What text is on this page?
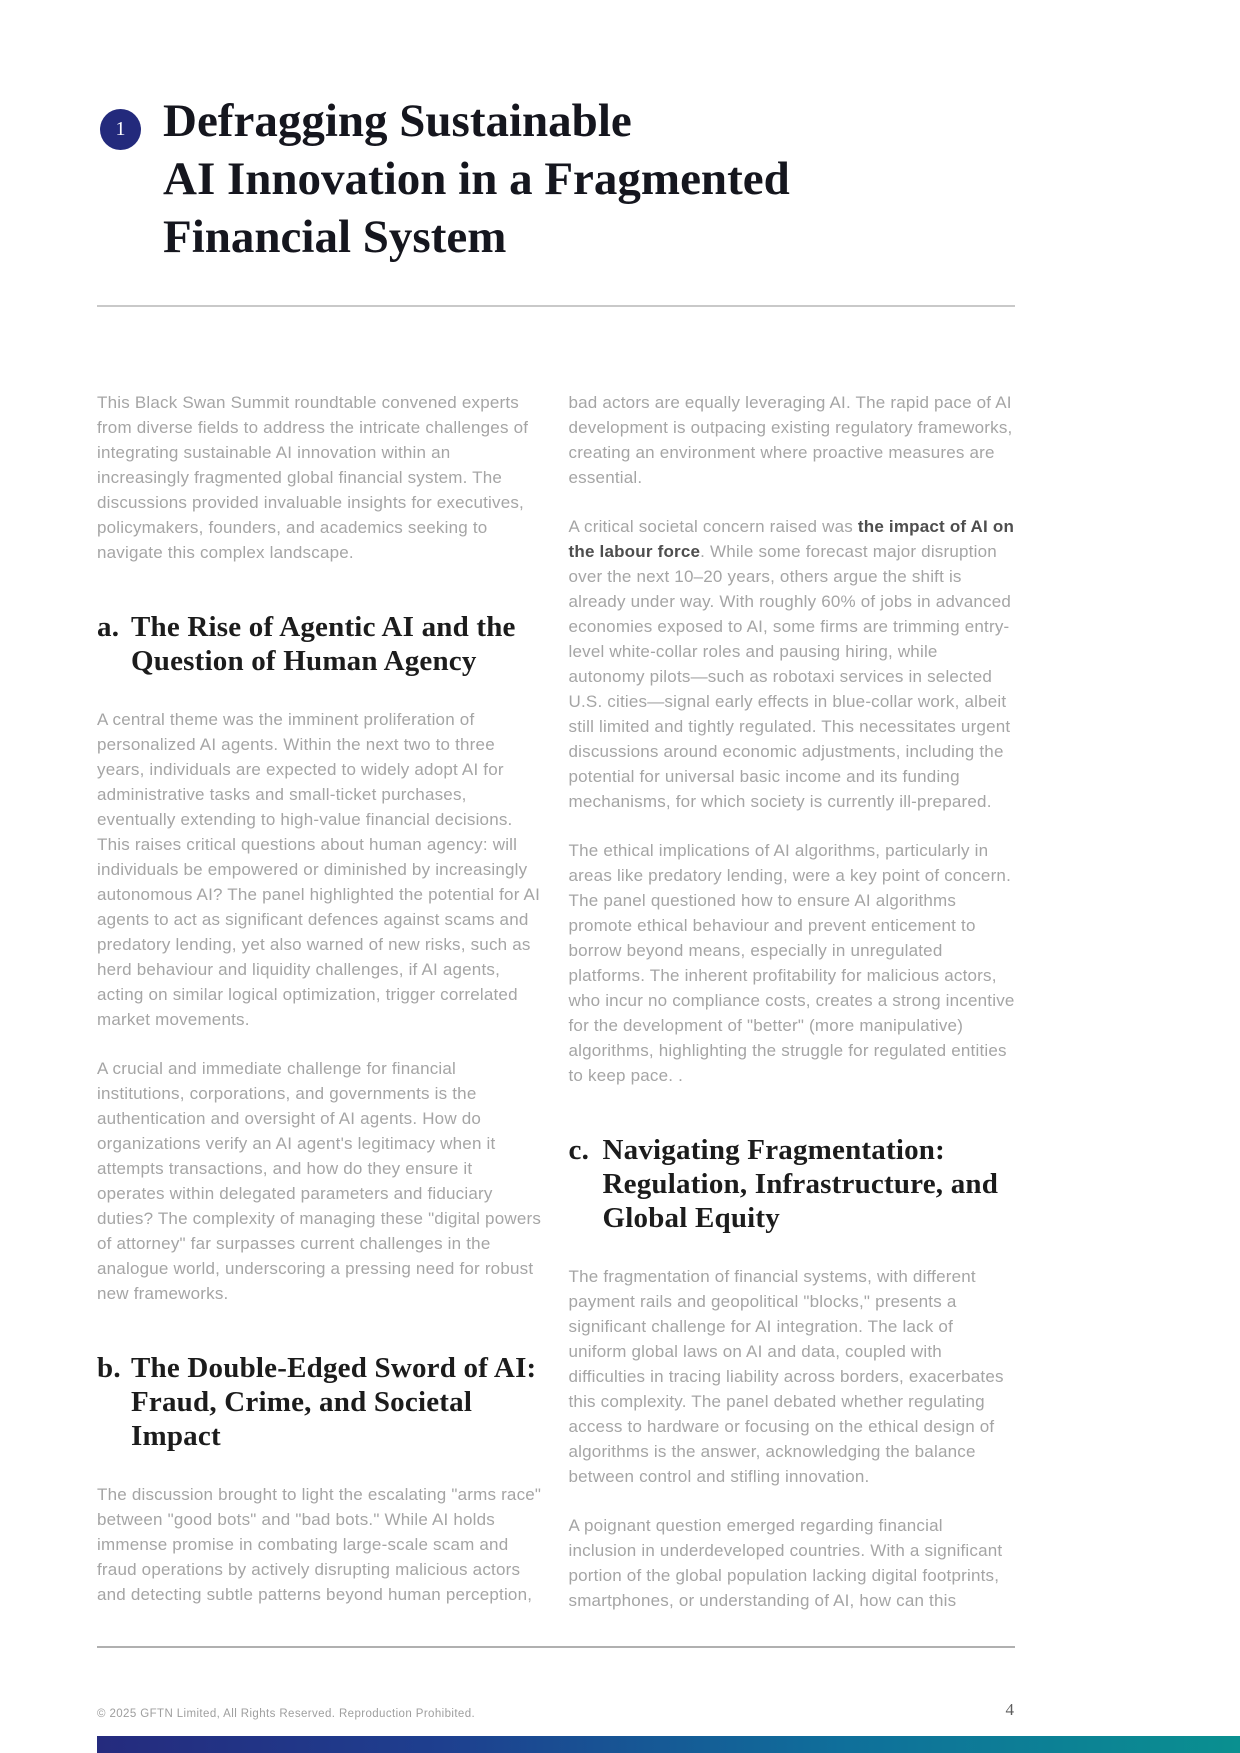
1 Defragging Sustainable
AI Innovation in a Fragmented
Financial System

This Black Swan Summit roundtable convened experts from diverse fields to address the intricate challenges of integrating sustainable AI innovation within an increasingly fragmented global financial system. The discussions provided invaluable insights for executives, policymakers, founders, and academics seeking to navigate this complex landscape.

a. The Rise of Agentic AI and the Question of Human Agency

A central theme was the imminent proliferation of personalized AI agents. Within the next two to three years, individuals are expected to widely adopt AI for administrative tasks and small-ticket purchases, eventually extending to high-value financial decisions. This raises critical questions about human agency: will individuals be empowered or diminished by increasingly autonomous AI? The panel highlighted the potential for AI agents to act as significant defences against scams and predatory lending, yet also warned of new risks, such as herd behaviour and liquidity challenges, if AI agents, acting on similar logical optimization, trigger correlated market movements.

A crucial and immediate challenge for financial institutions, corporations, and governments is the authentication and oversight of AI agents. How do organizations verify an AI agent's legitimacy when it attempts transactions, and how do they ensure it operates within delegated parameters and fiduciary duties? The complexity of managing these "digital powers of attorney" far surpasses current challenges in the analogue world, underscoring a pressing need for robust new frameworks.

b. The Double-Edged Sword of AI: Fraud, Crime, and Societal Impact

The discussion brought to light the escalating "arms race" between "good bots" and "bad bots." While AI holds immense promise in combating large-scale scam and fraud operations by actively disrupting malicious actors and detecting subtle patterns beyond human perception,

bad actors are equally leveraging AI. The rapid pace of AI development is outpacing existing regulatory frameworks, creating an environment where proactive measures are essential.

A critical societal concern raised was the impact of AI on the labour force. While some forecast major disruption over the next 10–20 years, others argue the shift is already under way. With roughly 60% of jobs in advanced economies exposed to AI, some firms are trimming entry-level white-collar roles and pausing hiring, while autonomy pilots—such as robotaxi services in selected U.S. cities—signal early effects in blue-collar work, albeit still limited and tightly regulated. This necessitates urgent discussions around economic adjustments, including the potential for universal basic income and its funding mechanisms, for which society is currently ill-prepared.

The ethical implications of AI algorithms, particularly in areas like predatory lending, were a key point of concern. The panel questioned how to ensure AI algorithms promote ethical behaviour and prevent enticement to borrow beyond means, especially in unregulated platforms. The inherent profitability for malicious actors, who incur no compliance costs, creates a strong incentive for the development of "better" (more manipulative) algorithms, highlighting the struggle for regulated entities to keep pace. .

c. Navigating Fragmentation: Regulation, Infrastructure, and Global Equity

The fragmentation of financial systems, with different payment rails and geopolitical "blocks," presents a significant challenge for AI integration. The lack of uniform global laws on AI and data, coupled with difficulties in tracing liability across borders, exacerbates this complexity. The panel debated whether regulating access to hardware or focusing on the ethical design of algorithms is the answer, acknowledging the balance between control and stifling innovation.

A poignant question emerged regarding financial inclusion in underdeveloped countries. With a significant portion of the global population lacking digital footprints, smartphones, or understanding of AI, how can this

© 2025 GFTN Limited, All Rights Reserved. Reproduction Prohibited.	4
